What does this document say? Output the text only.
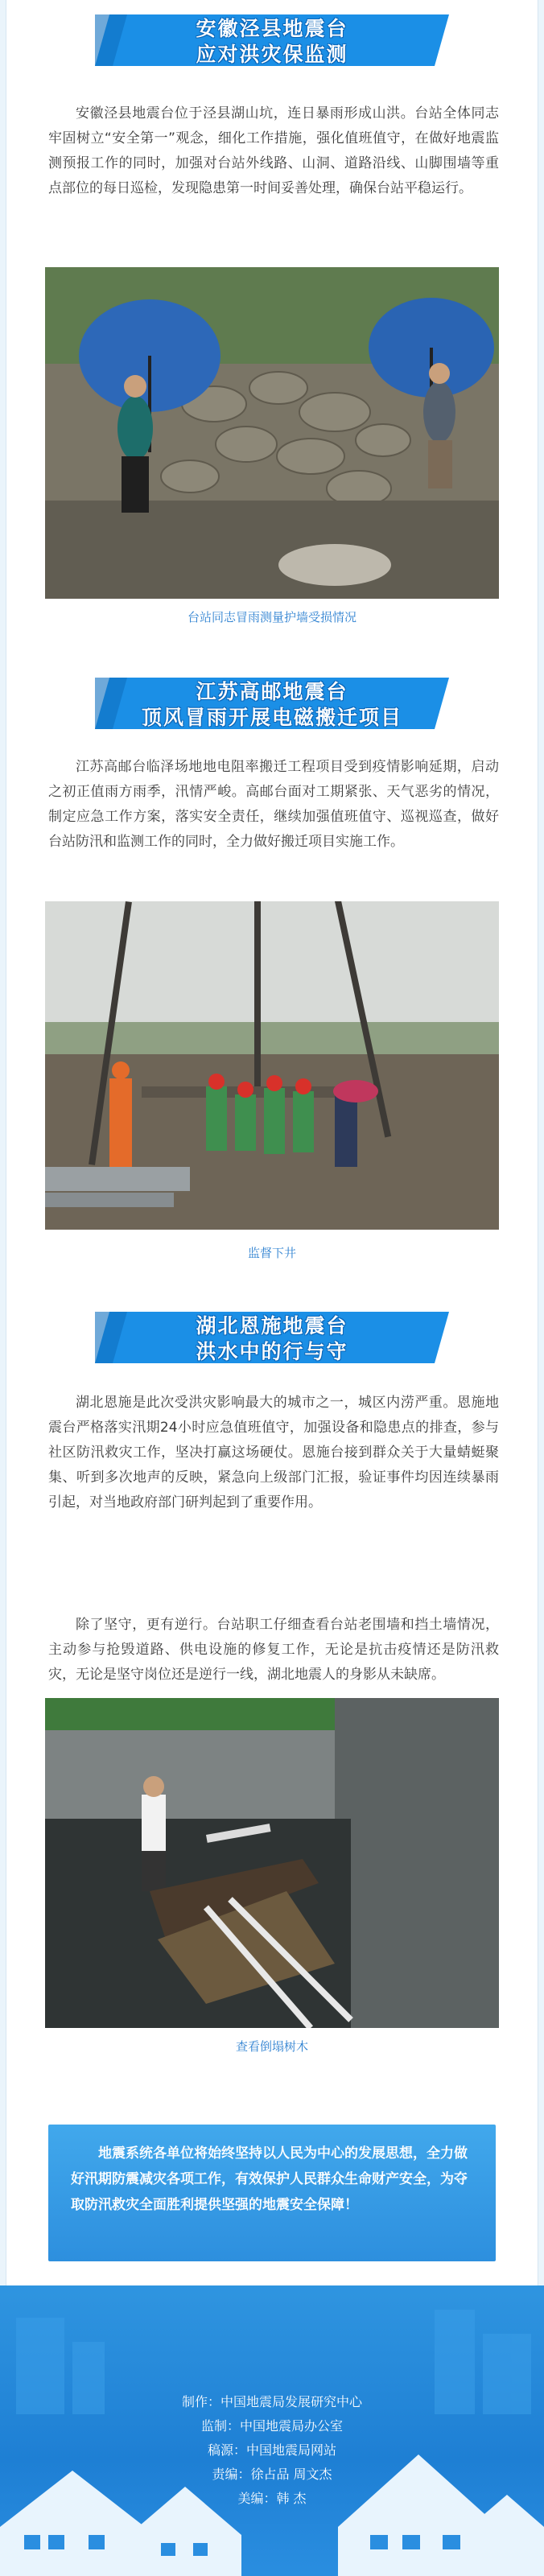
安徽泾县地震台
应对洪灾保监测

安徽泾县地震台位于泾县湖山坑，连日暴雨形成山洪。台站全体同志牢固树立“安全第一”观念，细化工作措施，强化值班值守，在做好地震监测预报工作的同时，加强对台站外线路、山洞、道路沿线、山脚围墙等重点部位的每日巡检，发现隐患第一时间妥善处理，确保台站平稳运行。

台站同志冒雨测量护墙受损情况
江苏高邮地震台
顶风冒雨开展电磁搬迁项目

江苏高邮台临泽场地地电阻率搬迁工程项目受到疫情影响延期，启动之初正值雨方雨季，汛情严峻。高邮台面对工期紧张、天气恶劣的情况，制定应急工作方案，落实安全责任，继续加强值班值守、巡视巡查，做好台站防汛和监测工作的同时，全力做好搬迁项目实施工作。

监督下井
湖北恩施地震台
洪水中的行与守

湖北恩施是此次受洪灾影响最大的城市之一，城区内涝严重。恩施地震台严格落实汛期24小时应急值班值守，加强设备和隐患点的排查，参与社区防汛救灾工作，坚决打赢这场硬仗。恩施台接到群众关于大量蜻蜓聚集、听到多次地声的反映，紧急向上级部门汇报，验证事件均因连续暴雨引起，对当地政府部门研判起到了重要作用。

除了坚守，更有逆行。台站职工仔细查看台站老围墙和挡土墙情况，主动参与抢毁道路、供电设施的修复工作，无论是抗击疫情还是防汛救灾，无论是坚守岗位还是逆行一线，湖北地震人的身影从未缺席。

查看倒塌树木
制作：中国地震局发展研究中心
监制：中国地震局办公室
稿源：中国地震局网站
责编：徐占品 周文杰
美编：韩 杰

地震系统各单位将始终坚持以人民为中心的发展思想，全力做好汛期防震减灾各项工作，有效保护人民群众生命财产安全，为夺取防汛救灾全面胜利提供坚强的地震安全保障！
